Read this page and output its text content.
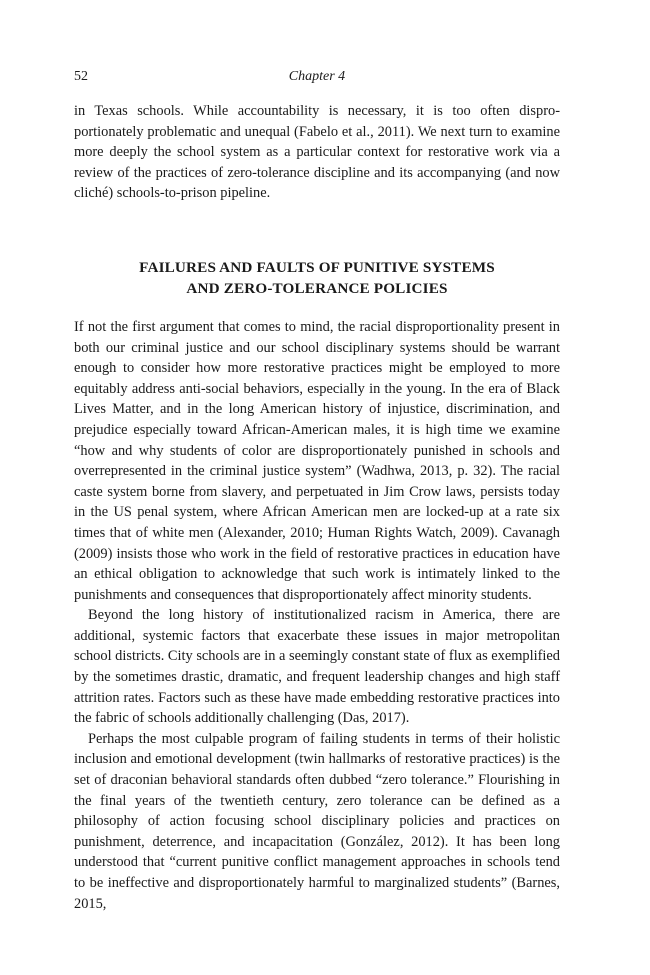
52	Chapter 4

in Texas schools. While accountability is necessary, it is too often disproportionately problematic and unequal (Fabelo et al., 2011). We next turn to examine more deeply the school system as a particular context for restorative work via a review of the practices of zero-tolerance discipline and its accompanying (and now cliché) schools-to-prison pipeline.

FAILURES AND FAULTS OF PUNITIVE SYSTEMS
AND ZERO-TOLERANCE POLICIES

If not the first argument that comes to mind, the racial disproportionality present in both our criminal justice and our school disciplinary systems should be warrant enough to consider how more restorative practices might be employed to more equitably address anti-social behaviors, especially in the young. In the era of Black Lives Matter, and in the long American history of injustice, discrimination, and prejudice especially toward African-American males, it is high time we examine “how and why students of color are disproportionately punished in schools and overrepresented in the criminal justice system” (Wadhwa, 2013, p. 32). The racial caste system borne from slavery, and perpetuated in Jim Crow laws, persists today in the US penal system, where African American men are locked-up at a rate six times that of white men (Alexander, 2010; Human Rights Watch, 2009). Cavanagh (2009) insists those who work in the field of restorative practices in education have an ethical obligation to acknowledge that such work is intimately linked to the punishments and consequences that disproportionately affect minority students.

Beyond the long history of institutionalized racism in America, there are additional, systemic factors that exacerbate these issues in major metropolitan school districts. City schools are in a seemingly constant state of flux as exemplified by the sometimes drastic, dramatic, and frequent leadership changes and high staff attrition rates. Factors such as these have made embedding restorative practices into the fabric of schools additionally challenging (Das, 2017).

Perhaps the most culpable program of failing students in terms of their holistic inclusion and emotional development (twin hallmarks of restorative practices) is the set of draconian behavioral standards often dubbed “zero tolerance.” Flourishing in the final years of the twentieth century, zero tolerance can be defined as a philosophy of action focusing school disciplinary policies and practices on punishment, deterrence, and incapacitation (González, 2012). It has been long understood that “current punitive conflict management approaches in schools tend to be ineffective and disproportionately harmful to marginalized students” (Barnes, 2015,
